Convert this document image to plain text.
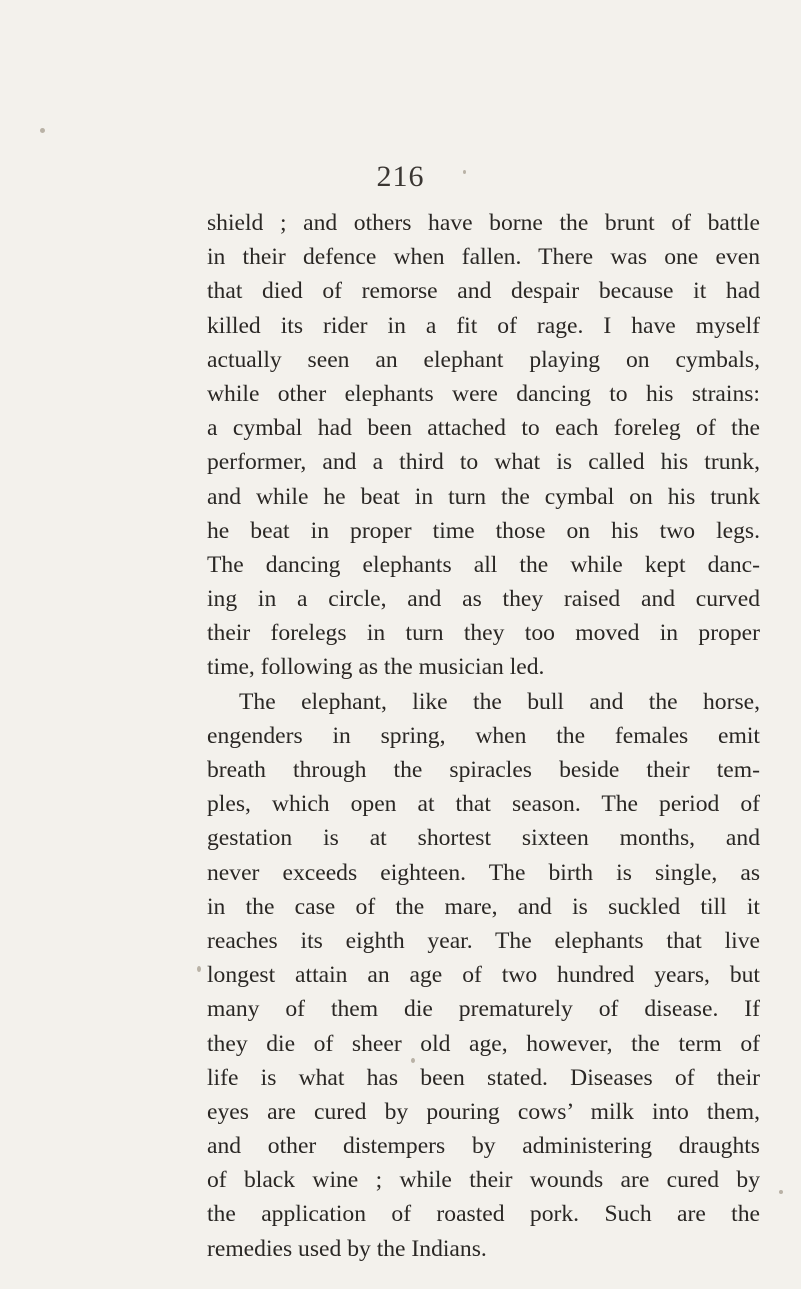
216
shield ; and others have borne the brunt of battle
in their defence when fallen. There was one even
that died of remorse and despair because it had
killed its rider in a fit of rage. I have myself
actually seen an elephant playing on cymbals,
while other elephants were dancing to his strains:
a cymbal had been attached to each foreleg of the
performer, and a third to what is called his trunk,
and while he beat in turn the cymbal on his trunk
he beat in proper time those on his two legs.
The dancing elephants all the while kept danc-
ing in a circle, and as they raised and curved
their forelegs in turn they too moved in proper
time, following as the musician led.
The elephant, like the bull and the horse,
engenders in spring, when the females emit
breath through the spiracles beside their tem-
ples, which open at that season. The period of
gestation is at shortest sixteen months, and
never exceeds eighteen. The birth is single, as
in the case of the mare, and is suckled till it
reaches its eighth year. The elephants that live
longest attain an age of two hundred years, but
many of them die prematurely of disease. If
they die of sheer old age, however, the term of
life is what has been stated. Diseases of their
eyes are cured by pouring cows’ milk into them,
and other distempers by administering draughts
of black wine ; while their wounds are cured by
the application of roasted pork. Such are the
remedies used by the Indians.
